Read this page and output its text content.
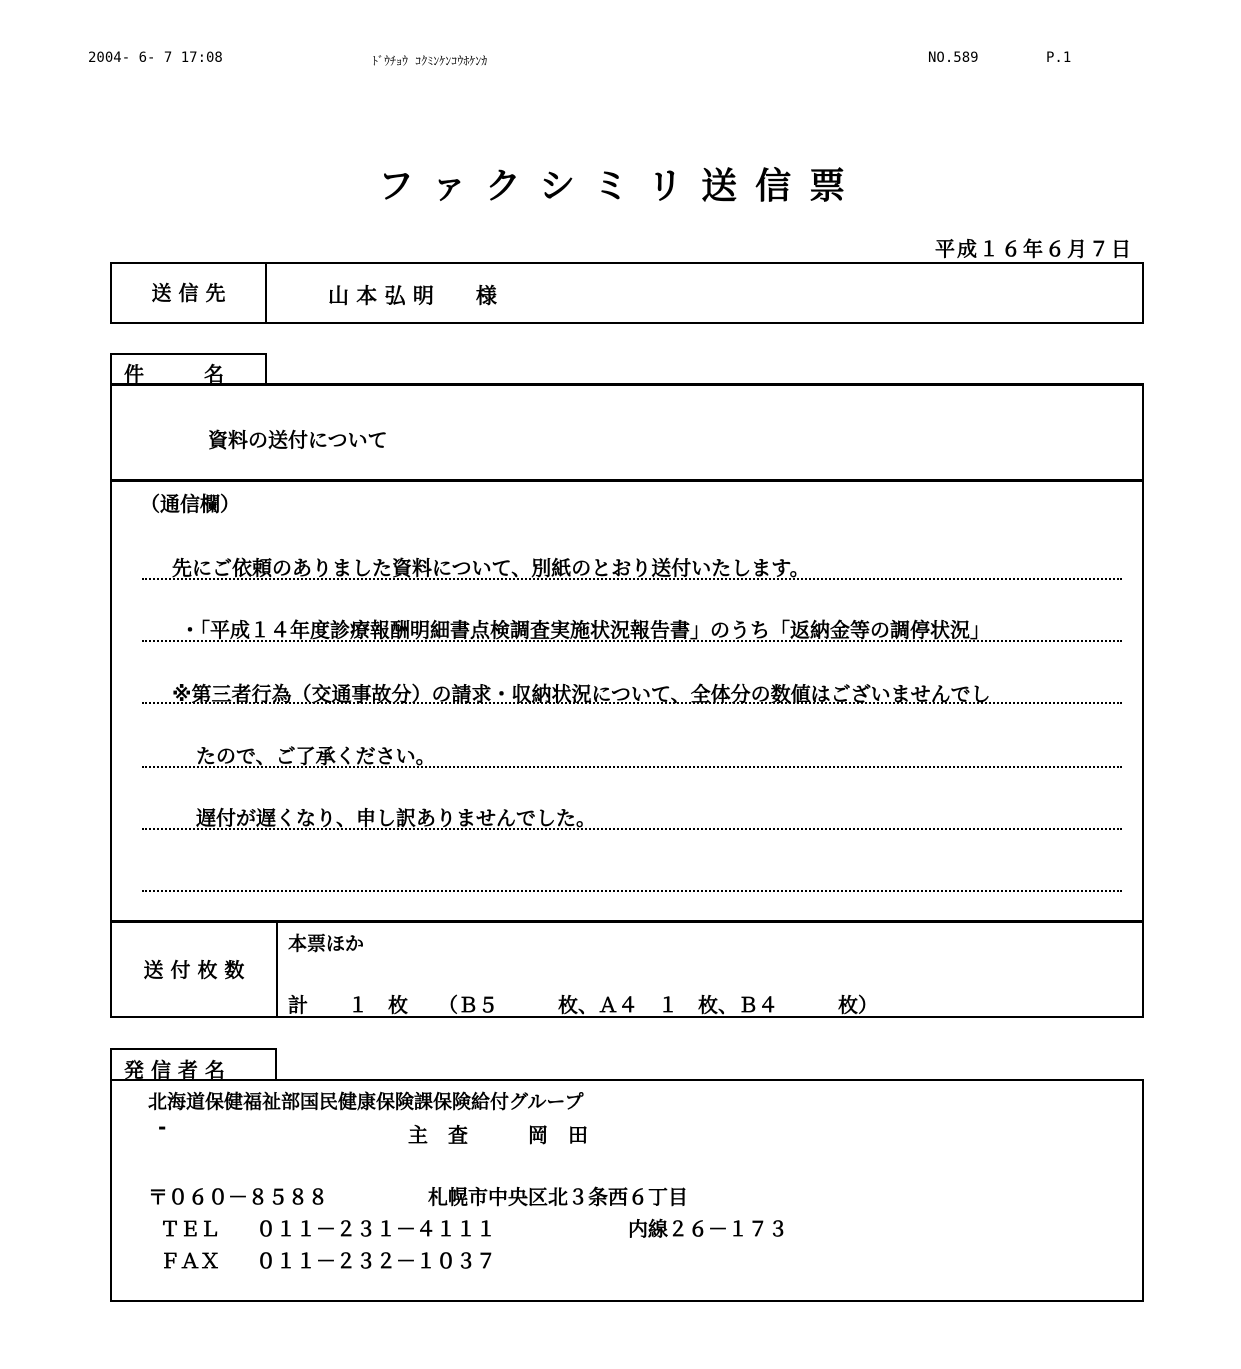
2004- 6- 7 17:08	ﾄﾞｳﾁｮｳ ｺｸﾐﾝｹﾝｺｳﾎｹﾝｶ	NO.589	P.1
ファクシミリ送信票
平成１６年６月７日
送 信 先	山 本 弘 明　　様
件　　　名
資料の送付について
（通信欄）
先にご依頼のありました資料について、別紙のとおり送付いたします。
・「平成１４年度診療報酬明細書点検調査実施状況報告書」のうち「返納金等の調停状況」
※第三者行為（交通事故分）の請求・収納状況について、全体分の数値はございませんでし
たので、ご了承ください。
遅付が遅くなり、申し訳ありませんでした。
送 付 枚 数
本票ほか
計　　１　枚　　（Ｂ５　　　枚、Ａ４　１　枚、Ｂ４　　　枚）
発 信 者 名
北海道保健福祉部国民健康保険課保険給付グループ
-	主　査　　　岡　田
〒０６０－８５８８	札幌市中央区北３条西６丁目
ＴＥＬ ０１１－２３１－４１１１	内線２６－１７３
ＦＡＸ ０１１－２３２－１０３７
